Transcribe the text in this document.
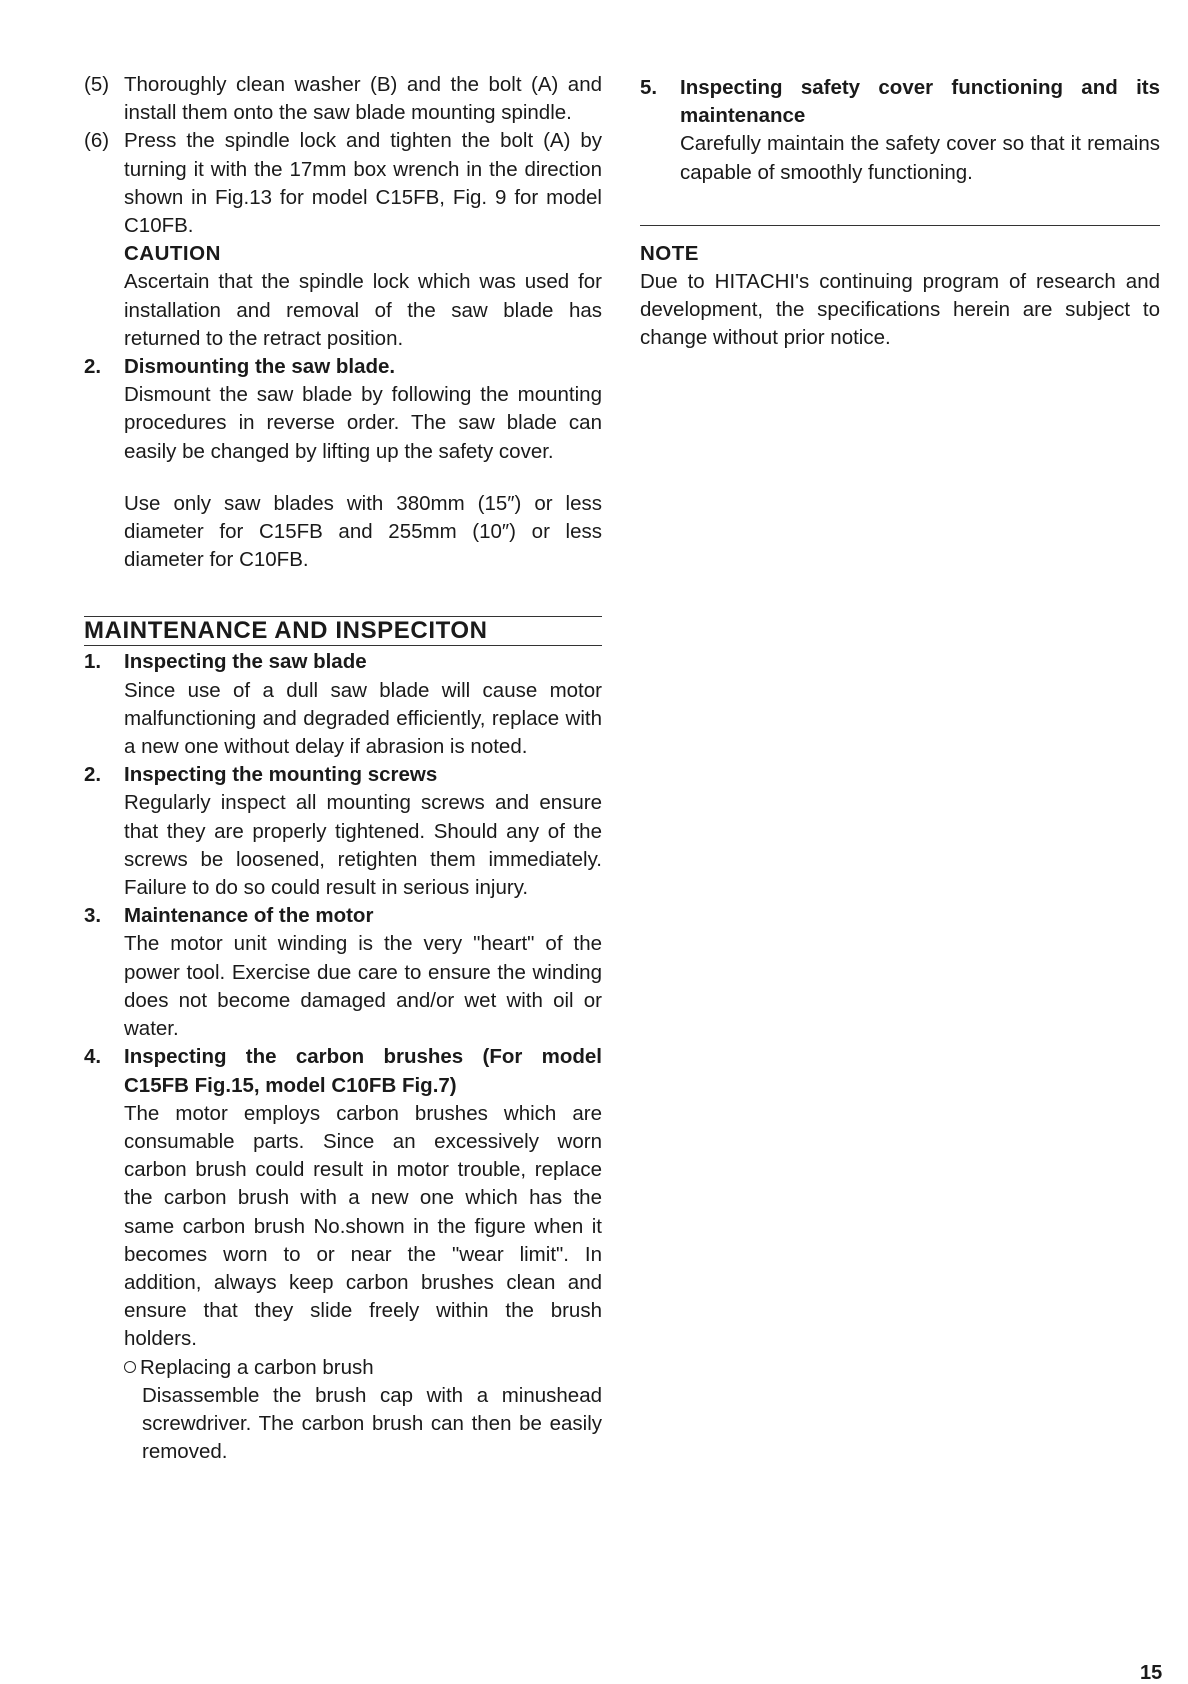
(5) Thoroughly clean washer (B) and the bolt (A) and install them onto the saw blade mounting spindle.
(6) Press the spindle lock and tighten the bolt (A) by turning it with the 17mm box wrench in the direction shown in Fig.13 for model C15FB, Fig. 9 for model C10FB.
CAUTION
Ascertain that the spindle lock which was used for installation and removal of the saw blade has returned to the retract position.
2.	Dismounting the saw blade.
Dismount the saw blade by following the mounting procedures in reverse order. The saw blade can easily be changed by lifting up the safety cover.
Use only saw blades with 380mm (15″) or less diameter for C15FB and 255mm (10″) or less diameter for C10FB.
MAINTENANCE AND INSPECITON
1.	Inspecting the saw blade
Since use of a dull saw blade will cause motor malfunctioning and degraded efficiently, replace with a new one without delay if abrasion is noted.
2.	Inspecting the mounting screws
Regularly inspect all mounting screws and ensure that they are properly tightened. Should any of the screws be loosened, retighten them immediately. Failure to do so could result in serious injury.
3.	Maintenance of the motor
The motor unit winding is the very "heart" of the power tool. Exercise due care to ensure the winding does not become damaged and/or wet with oil or water.
4.	Inspecting the carbon brushes (For model C15FB Fig.15, model C10FB Fig.7)
The motor employs carbon brushes which are consumable parts. Since an excessively worn carbon brush could result in motor trouble, replace the carbon brush with a new one which has the same carbon brush No.shown in the figure when it becomes worn to or near the "wear limit". In addition, always keep carbon brushes clean and ensure that they slide freely within the brush holders.
Replacing a carbon brush
Disassemble the brush cap with a minushead screwdriver. The carbon brush can then be easily removed.
5.	Inspecting safety cover functioning and its maintenance
Carefully maintain the safety cover so that it remains capable of smoothly functioning.
NOTE
Due to HITACHI's continuing program of research and development, the specifications herein are subject to change without prior notice.
15
